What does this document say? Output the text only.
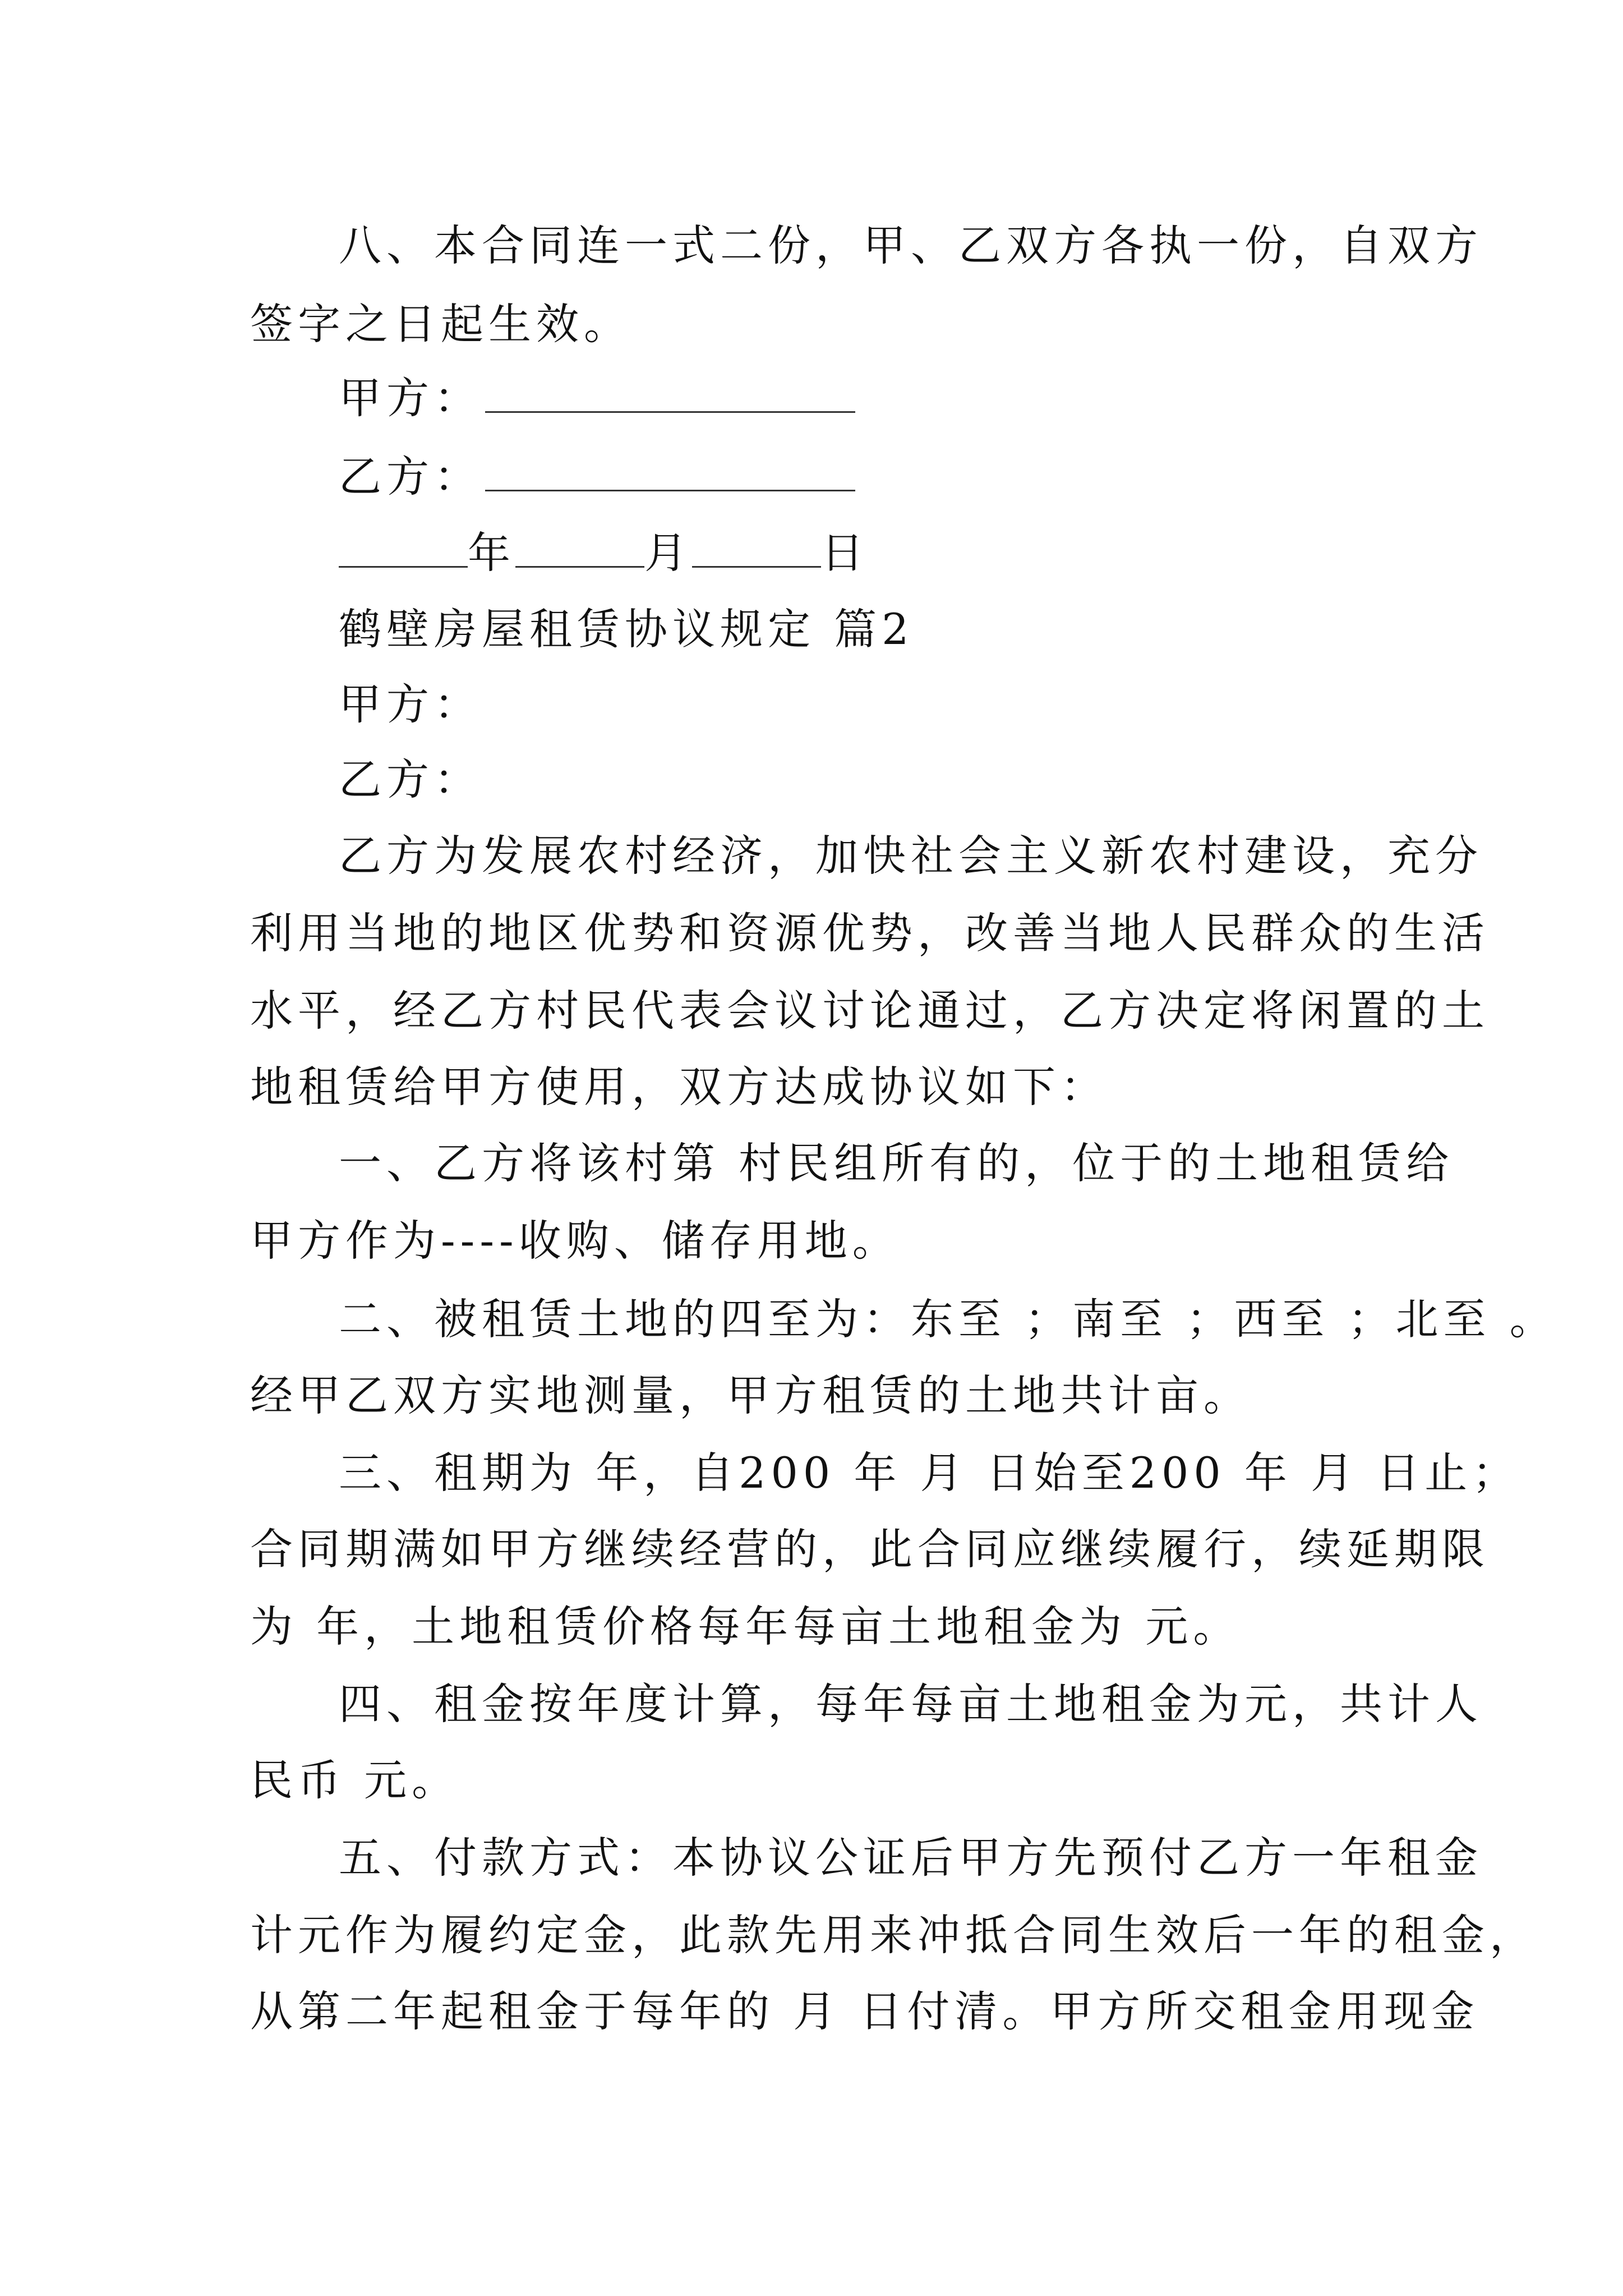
八、本合同连一式二份，甲、乙双方各执一份，自双方
签字之日起生效。
甲方：
乙方：
年	月	日
鹤壁房屋租赁协议规定 篇2
甲方：
乙方：
乙方为发展农村经济，加快社会主义新农村建设，充分
利用当地的地区优势和资源优势，改善当地人民群众的生活
水平，经乙方村民代表会议讨论通过，乙方决定将闲置的土
地租赁给甲方使用，双方达成协议如下：
一、乙方将该村第 村民组所有的，位于的土地租赁给
甲方作为----收购、储存用地。
二、被租赁土地的四至为：东至 ；南至 ；西至 ；北至 。
经甲乙双方实地测量，甲方租赁的土地共计亩。
三、租期为 年，自200 年 月 日始至200 年 月 日止；
合同期满如甲方继续经营的，此合同应继续履行，续延期限
为 年，土地租赁价格每年每亩土地租金为 元。
四、租金按年度计算，每年每亩土地租金为元，共计人
民币 元。
五、付款方式：本协议公证后甲方先预付乙方一年租金
计元作为履约定金，此款先用来冲抵合同生效后一年的租金，
从第二年起租金于每年的 月 日付清。甲方所交租金用现金
